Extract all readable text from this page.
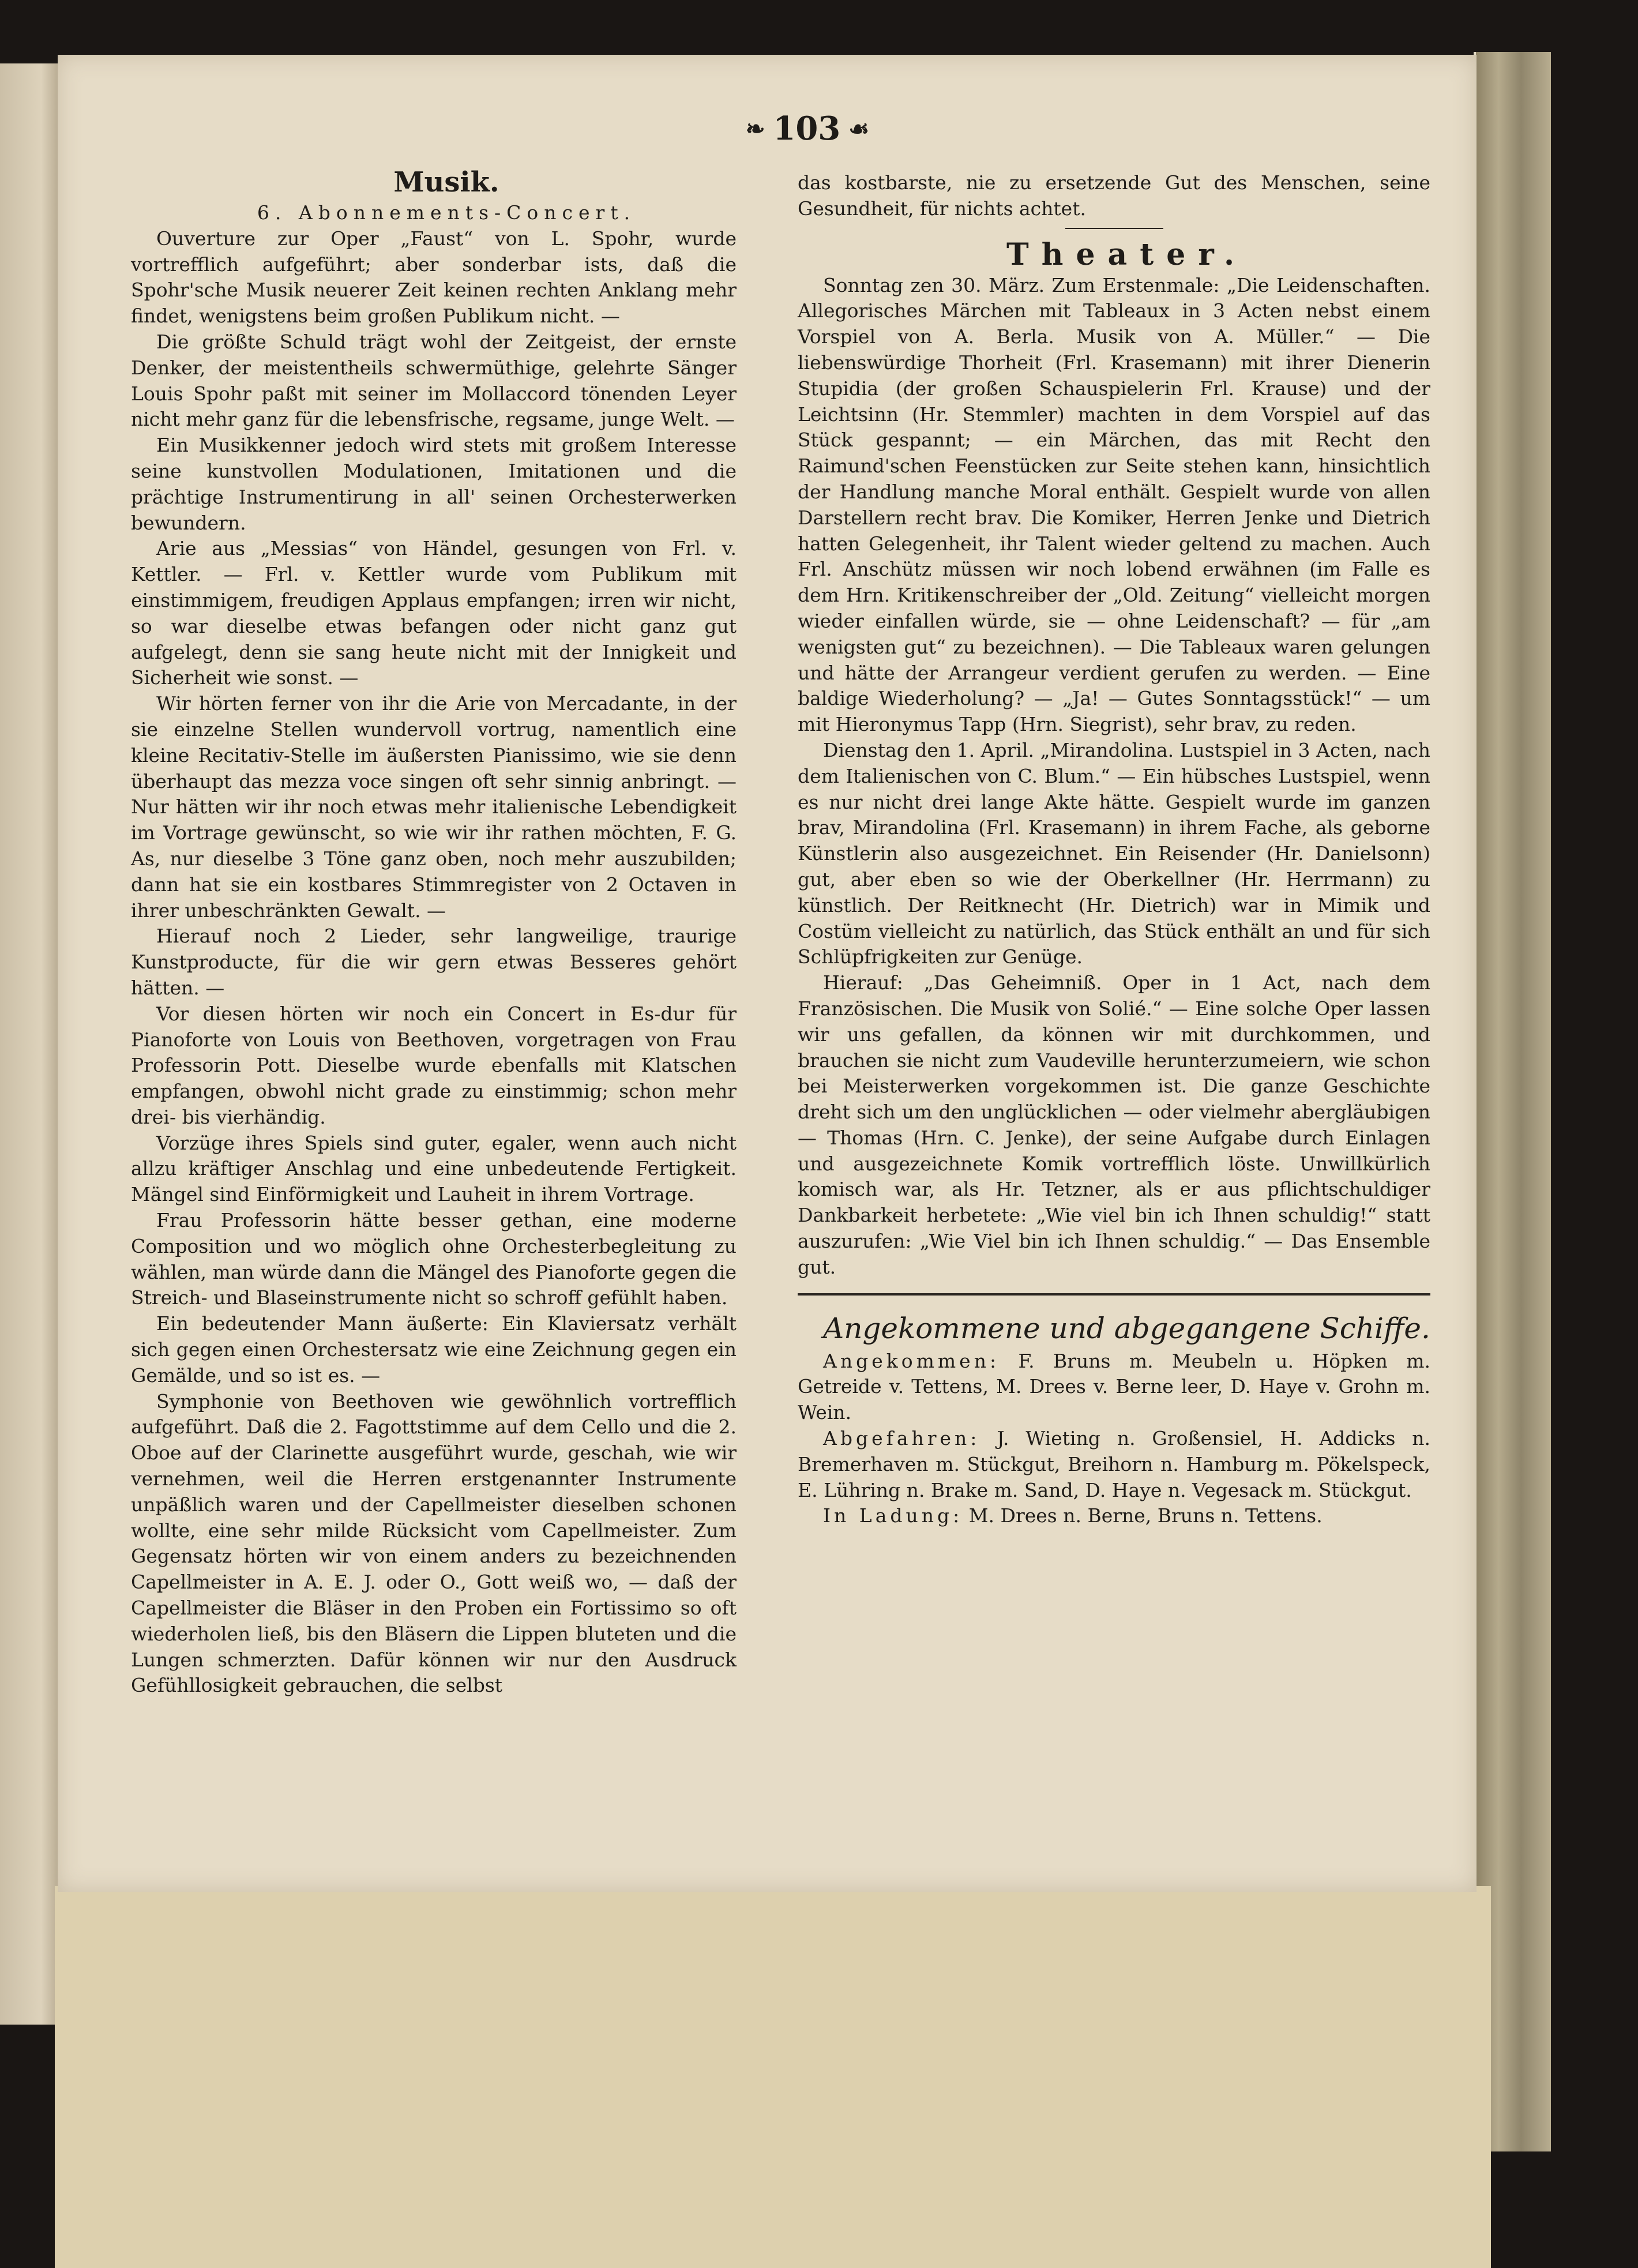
❧ 103 ☙

Musik.

6. Abonnements-Concert.

Ouverture zur Oper „Faust“ von L. Spohr, wurde vortrefflich aufgeführt; aber sonderbar ists, daß die Spohr'sche Musik neuerer Zeit keinen rechten Anklang mehr findet, wenigstens beim großen Publikum nicht. —

Die größte Schuld trägt wohl der Zeitgeist, der ernste Denker, der meistentheils schwermüthige, gelehrte Sänger Louis Spohr paßt mit seiner im Mollaccord tönenden Leyer nicht mehr ganz für die lebensfrische, regsame, junge Welt. —

Ein Musikkenner jedoch wird stets mit großem Interesse seine kunstvollen Modulationen, Imitationen und die prächtige Instrumentirung in all' seinen Orchesterwerken bewundern.

Arie aus „Messias“ von Händel, gesungen von Frl. v. Kettler. — Frl. v. Kettler wurde vom Publikum mit einstimmigem, freudigen Applaus empfangen; irren wir nicht, so war dieselbe etwas befangen oder nicht ganz gut aufgelegt, denn sie sang heute nicht mit der Innigkeit und Sicherheit wie sonst. —

Wir hörten ferner von ihr die Arie von Mercadante, in der sie einzelne Stellen wundervoll vortrug, namentlich eine kleine Recitativ-Stelle im äußersten Pianissimo, wie sie denn überhaupt das mezza voce singen oft sehr sinnig anbringt. — Nur hätten wir ihr noch etwas mehr italienische Lebendigkeit im Vortrage gewünscht, so wie wir ihr rathen möchten, F. G. As, nur dieselbe 3 Töne ganz oben, noch mehr auszubilden; dann hat sie ein kostbares Stimmregister von 2 Octaven in ihrer unbeschränkten Gewalt. —

Hierauf noch 2 Lieder, sehr langweilige, traurige Kunstproducte, für die wir gern etwas Besseres gehört hätten. —

Vor diesen hörten wir noch ein Concert in Es-dur für Pianoforte von Louis von Beethoven, vorgetragen von Frau Professorin Pott. Dieselbe wurde ebenfalls mit Klatschen empfangen, obwohl nicht grade zu einstimmig; schon mehr drei- bis vierhändig.

Vorzüge ihres Spiels sind guter, egaler, wenn auch nicht allzu kräftiger Anschlag und eine unbedeutende Fertigkeit. Mängel sind Einförmigkeit und Lauheit in ihrem Vortrage.

Frau Professorin hätte besser gethan, eine moderne Composition und wo möglich ohne Orchesterbegleitung zu wählen, man würde dann die Mängel des Pianoforte gegen die Streich- und Blaseinstrumente nicht so schroff gefühlt haben.

Ein bedeutender Mann äußerte: Ein Klaviersatz verhält sich gegen einen Orchestersatz wie eine Zeichnung gegen ein Gemälde, und so ist es. —

Symphonie von Beethoven wie gewöhnlich vortrefflich aufgeführt. Daß die 2. Fagottstimme auf dem Cello und die 2. Oboe auf der Clarinette ausgeführt wurde, geschah, wie wir vernehmen, weil die Herren erstgenannter Instrumente unpäßlich waren und der Capellmeister dieselben schonen wollte, eine sehr milde Rücksicht vom Capellmeister. Zum Gegensatz hörten wir von einem anders zu bezeichnenden Capellmeister in A. E. J. oder O., Gott weiß wo, — daß der Capellmeister die Bläser in den Proben ein Fortissimo so oft wiederholen ließ, bis den Bläsern die Lippen bluteten und die Lungen schmerzten. Dafür können wir nur den Ausdruck Gefühllosigkeit gebrauchen, die selbst

das kostbarste, nie zu ersetzende Gut des Menschen, seine Gesundheit, für nichts achtet.

Theater.

Sonntag zen 30. März. Zum Erstenmale: „Die Leidenschaften. Allegorisches Märchen mit Tableaux in 3 Acten nebst einem Vorspiel von A. Berla. Musik von A. Müller.“ — Die liebenswürdige Thorheit (Frl. Krasemann) mit ihrer Dienerin Stupidia (der großen Schauspielerin Frl. Krause) und der Leichtsinn (Hr. Stemmler) machten in dem Vorspiel auf das Stück gespannt; — ein Märchen, das mit Recht den Raimund'schen Feenstücken zur Seite stehen kann, hinsichtlich der Handlung manche Moral enthält. Gespielt wurde von allen Darstellern recht brav. Die Komiker, Herren Jenke und Dietrich hatten Gelegenheit, ihr Talent wieder geltend zu machen. Auch Frl. Anschütz müssen wir noch lobend erwähnen (im Falle es dem Hrn. Kritikenschreiber der „Old. Zeitung“ vielleicht morgen wieder einfallen würde, sie — ohne Leidenschaft? — für „am wenigsten gut“ zu bezeichnen). — Die Tableaux waren gelungen und hätte der Arrangeur verdient gerufen zu werden. — Eine baldige Wiederholung? — „Ja! — Gutes Sonntagsstück!“ — um mit Hieronymus Tapp (Hrn. Siegrist), sehr brav, zu reden.

Dienstag den 1. April. „Mirandolina. Lustspiel in 3 Acten, nach dem Italienischen von C. Blum.“ — Ein hübsches Lustspiel, wenn es nur nicht drei lange Akte hätte. Gespielt wurde im ganzen brav, Mirandolina (Frl. Krasemann) in ihrem Fache, als geborne Künstlerin also ausgezeichnet. Ein Reisender (Hr. Danielsonn) gut, aber eben so wie der Oberkellner (Hr. Herrmann) zu künstlich. Der Reitknecht (Hr. Dietrich) war in Mimik und Costüm vielleicht zu natürlich, das Stück enthält an und für sich Schlüpfrigkeiten zur Genüge.

Hierauf: „Das Geheimniß. Oper in 1 Act, nach dem Französischen. Die Musik von Solié.“ — Eine solche Oper lassen wir uns gefallen, da können wir mit durchkommen, und brauchen sie nicht zum Vaudeville herunterzumeiern, wie schon bei Meisterwerken vorgekommen ist. Die ganze Geschichte dreht sich um den unglücklichen — oder vielmehr abergläubigen — Thomas (Hrn. C. Jenke), der seine Aufgabe durch Einlagen und ausgezeichnete Komik vortrefflich löste. Unwillkürlich komisch war, als Hr. Tetzner, als er aus pflichtschuldiger Dankbarkeit herbetete: „Wie viel bin ich Ihnen schuldig!“ statt auszurufen: „Wie Viel bin ich Ihnen schuldig.“ — Das Ensemble gut.

Angekommene und abgegangene Schiffe.

Angekommen: F. Bruns m. Meubeln u. Höpken m. Getreide v. Tettens, M. Drees v. Berne leer, D. Haye v. Grohn m. Wein.

Abgefahren: J. Wieting n. Großensiel, H. Addicks n. Bremerhaven m. Stückgut, Breihorn n. Hamburg m. Pökelspeck, E. Lühring n. Brake m. Sand, D. Haye n. Vegesack m. Stückgut.

In Ladung: M. Drees n. Berne, Bruns n. Tettens.
